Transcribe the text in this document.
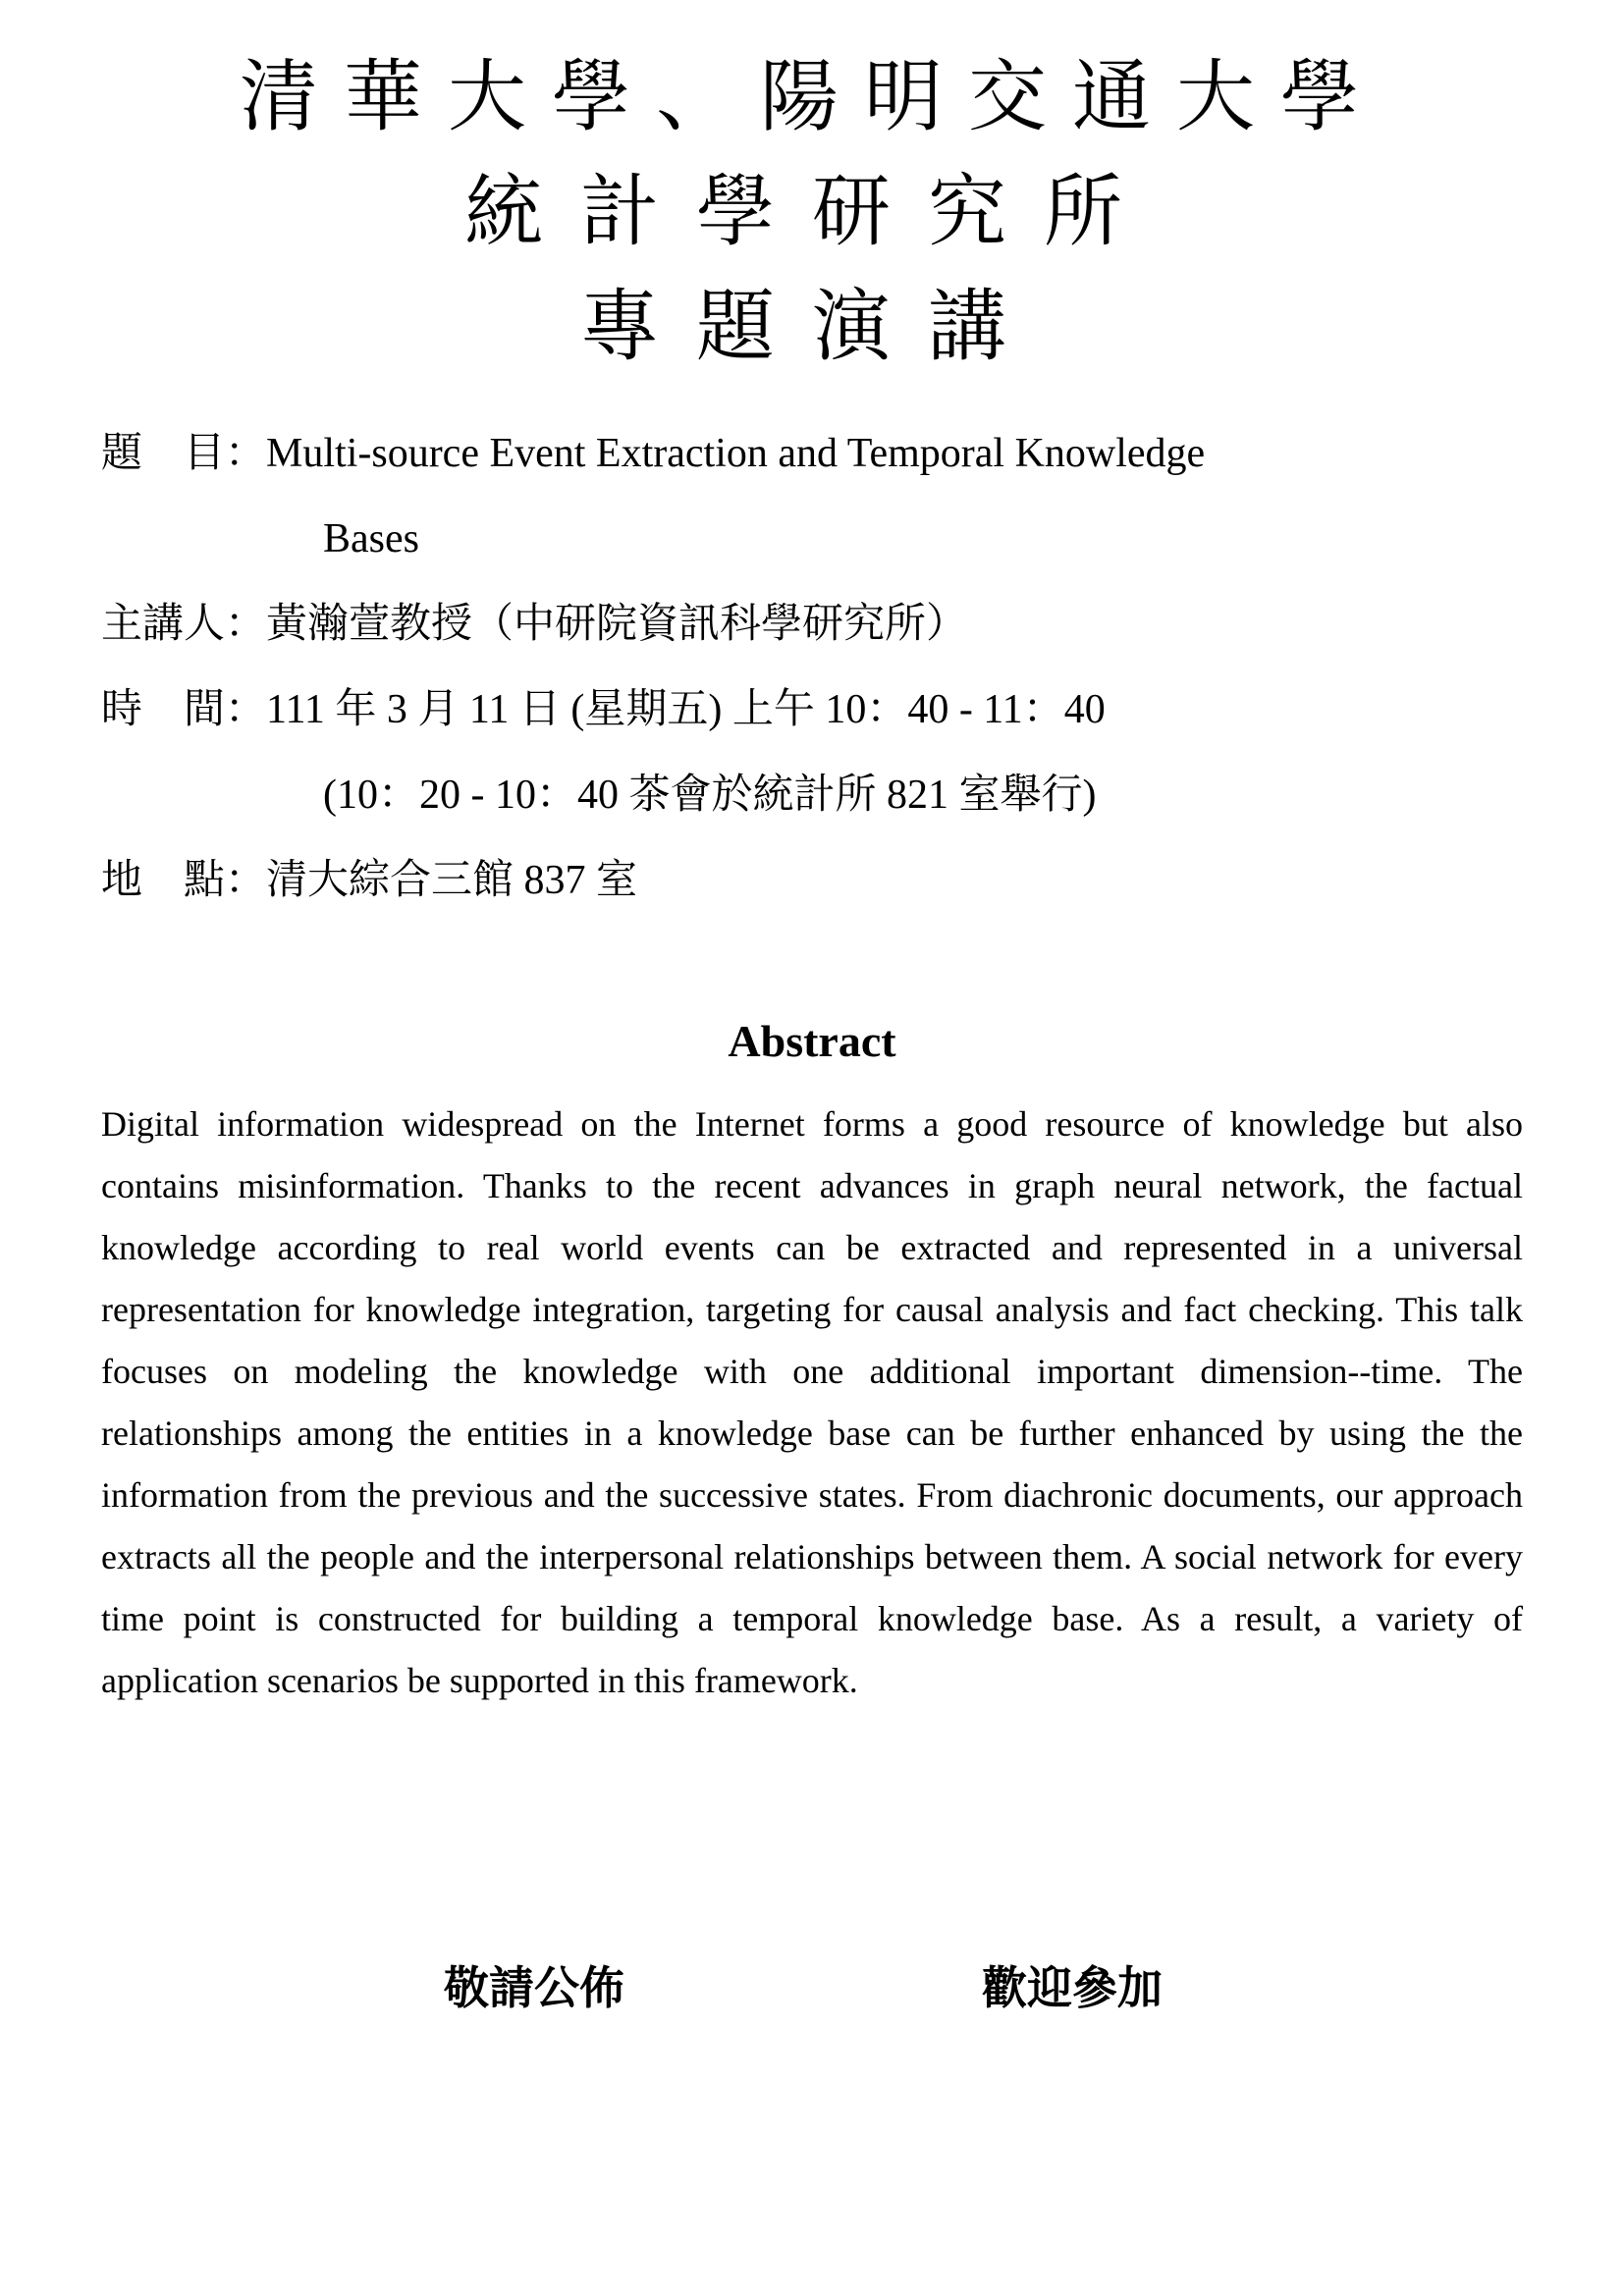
清華大學、陽明交通大學
統計學研究所
專題演講
題　目：Multi-source Event Extraction and Temporal Knowledge
Bases
主講人：黃瀚萱教授（中研院資訊科學研究所）
時　間：111 年 3 月 11 日 (星期五) 上午 10：40 - 11：40
(10：20 - 10：40 茶會於統計所 821 室舉行)
地　點：清大綜合三館 837 室
Abstract
Digital information widespread on the Internet forms a good resource of knowledge but also contains misinformation. Thanks to the recent advances in graph neural network, the factual knowledge according to real world events can be extracted and represented in a universal representation for knowledge integration, targeting for causal analysis and fact checking. This talk focuses on modeling the knowledge with one additional important dimension--time. The relationships among the entities in a knowledge base can be further enhanced by using the the information from the previous and the successive states. From diachronic documents, our approach extracts all the people and the interpersonal relationships between them. A social network for every time point is constructed for building a temporal knowledge base. As a result, a variety of application scenarios be supported in this framework.
敬請公佈	歡迎參加
